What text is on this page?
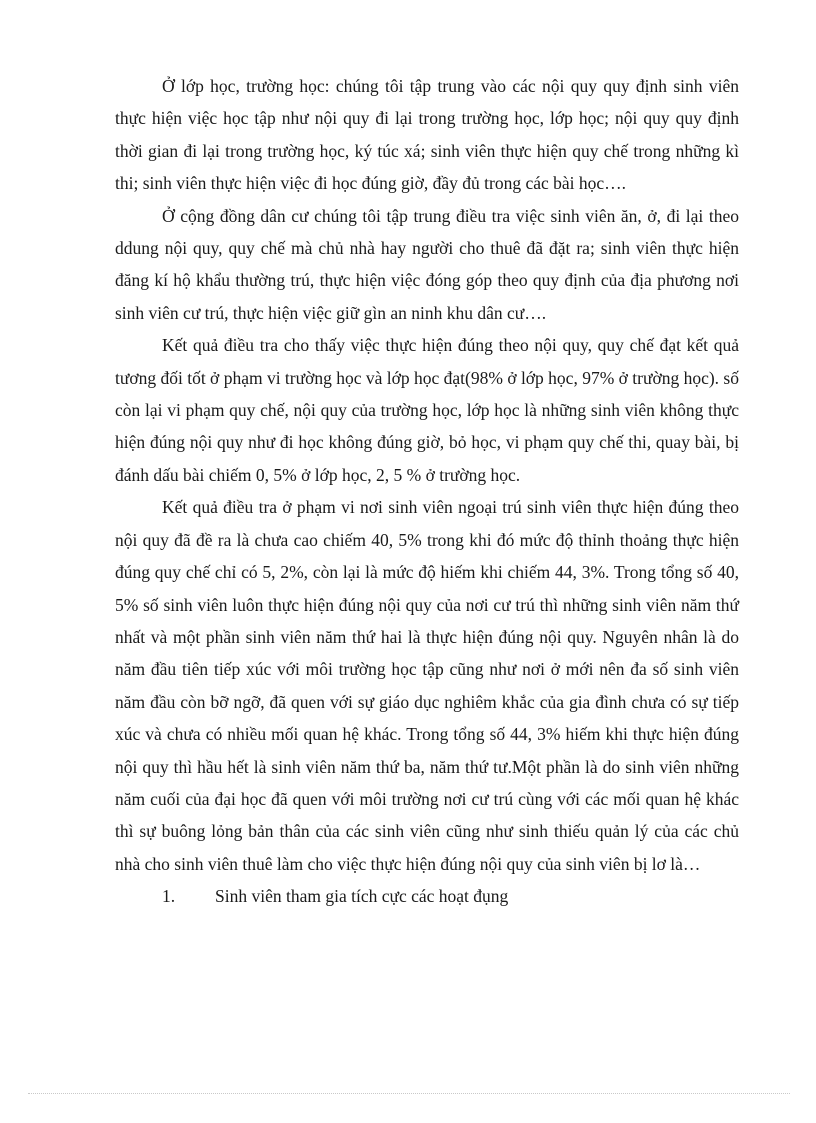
Ở lớp học, trường học: chúng tôi tập trung vào các nội quy quy định sinh viên thực hiện việc học tập như nội quy đi lại trong trường học, lớp học; nội quy quy định thời gian đi lại trong trường học, ký túc xá; sinh viên thực hiện quy chế trong những kì thi; sinh viên thực hiện việc đi học đúng giờ, đầy đủ trong các bài học….

Ở cộng đồng dân cư chúng tôi tập trung điều tra việc sinh viên ăn, ở, đi lại theo ddung nội quy, quy chế mà chủ nhà hay người cho thuê đã đặt ra; sinh viên thực hiện đăng kí hộ khẩu thường trú, thực hiện việc đóng góp theo quy định của địa phương nơi sinh viên cư trú, thực hiện việc giữ gìn an ninh khu dân cư….

Kết quả điều tra cho thấy việc thực hiện đúng theo nội quy, quy chế đạt kết quả tương đối tốt ở phạm vi trường học và lớp học đạt(98% ở lớp học, 97% ở trường học). số còn lại vi phạm quy chế, nội quy của trường học, lớp học là những sinh viên không thực hiện đúng nội quy như đi học không đúng giờ, bỏ học, vi phạm quy chế thi, quay bài, bị đánh dấu bài chiếm 0, 5% ở lớp học, 2, 5 % ở trường học.

Kết quả điều tra ở phạm vi nơi sinh viên ngoại trú sinh viên thực hiện đúng theo nội quy đã đề ra là chưa cao chiếm 40, 5% trong khi đó mức độ thỉnh thoảng thực hiện đúng quy chế chỉ có 5, 2%, còn lại là mức độ hiếm khi chiếm 44, 3%. Trong tổng số 40, 5% số sinh viên luôn thực hiện đúng nội quy của nơi cư trú thì những sinh viên năm thứ nhất và một phần sinh viên năm thứ hai là thực hiện đúng nội quy. Nguyên nhân là do năm đầu tiên tiếp xúc với môi trường học tập cũng như nơi ở mới nên đa số sinh viên năm đầu còn bỡ ngỡ, đã quen với sự giáo dục nghiêm khắc của gia đình chưa có sự tiếp xúc và chưa có nhiều mối quan hệ khác. Trong tổng số 44, 3% hiếm khi thực hiện đúng nội quy thì hầu hết là sinh viên năm thứ ba, năm thứ tư.Một phần là do sinh viên những năm cuối của đại học đã quen với môi trường nơi cư trú cùng với các mối quan hệ khác thì sự buông lỏng bản thân của các sinh viên cũng như sinh thiếu quản lý của các chủ nhà cho sinh viên thuê làm cho việc thực hiện đúng nội quy của sinh viên bị lơ là…

1.	Sinh viên tham gia tích cực các hoạt đụng
